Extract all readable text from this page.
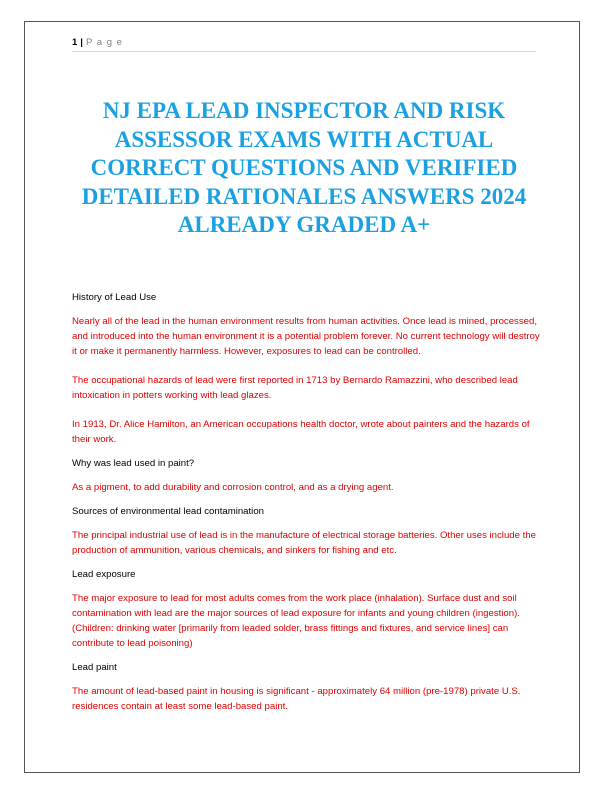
1 | P a g e
NJ EPA LEAD INSPECTOR AND RISK ASSESSOR EXAMS WITH ACTUAL CORRECT QUESTIONS AND VERIFIED DETAILED RATIONALES ANSWERS 2024 ALREADY GRADED A+

History of Lead Use

Nearly all of the lead in the human environment results from human activities. Once lead is mined, processed, and introduced into the human environment it is a potential problem forever. No current technology will destroy it or make it permanently harmless. However, exposures to lead can be controlled.

The occupational hazards of lead were first reported in 1713 by Bernardo Ramazzini, who described lead intoxication in potters working with lead glazes.

In 1913, Dr. Alice Hamilton, an American occupations health doctor, wrote about painters and the hazards of their work.

Why was lead used in paint?

As a pigment, to add durability and corrosion control, and as a drying agent.

Sources of environmental lead contamination

The principal industrial use of lead is in the manufacture of electrical storage batteries. Other uses include the production of ammunition, various chemicals, and sinkers for fishing and etc.

Lead exposure

The major exposure to lead for most adults comes from the work place (inhalation). Surface dust and soil contamination with lead are the major sources of lead exposure for infants and young children (ingestion). (Children: drinking water [primarily from leaded solder, brass fittings and fixtures, and service lines] can contribute to lead poisoning)

Lead paint

The amount of lead-based paint in housing is significant - approximately 64 million (pre-1978) private U.S. residences contain at least some lead-based paint.
